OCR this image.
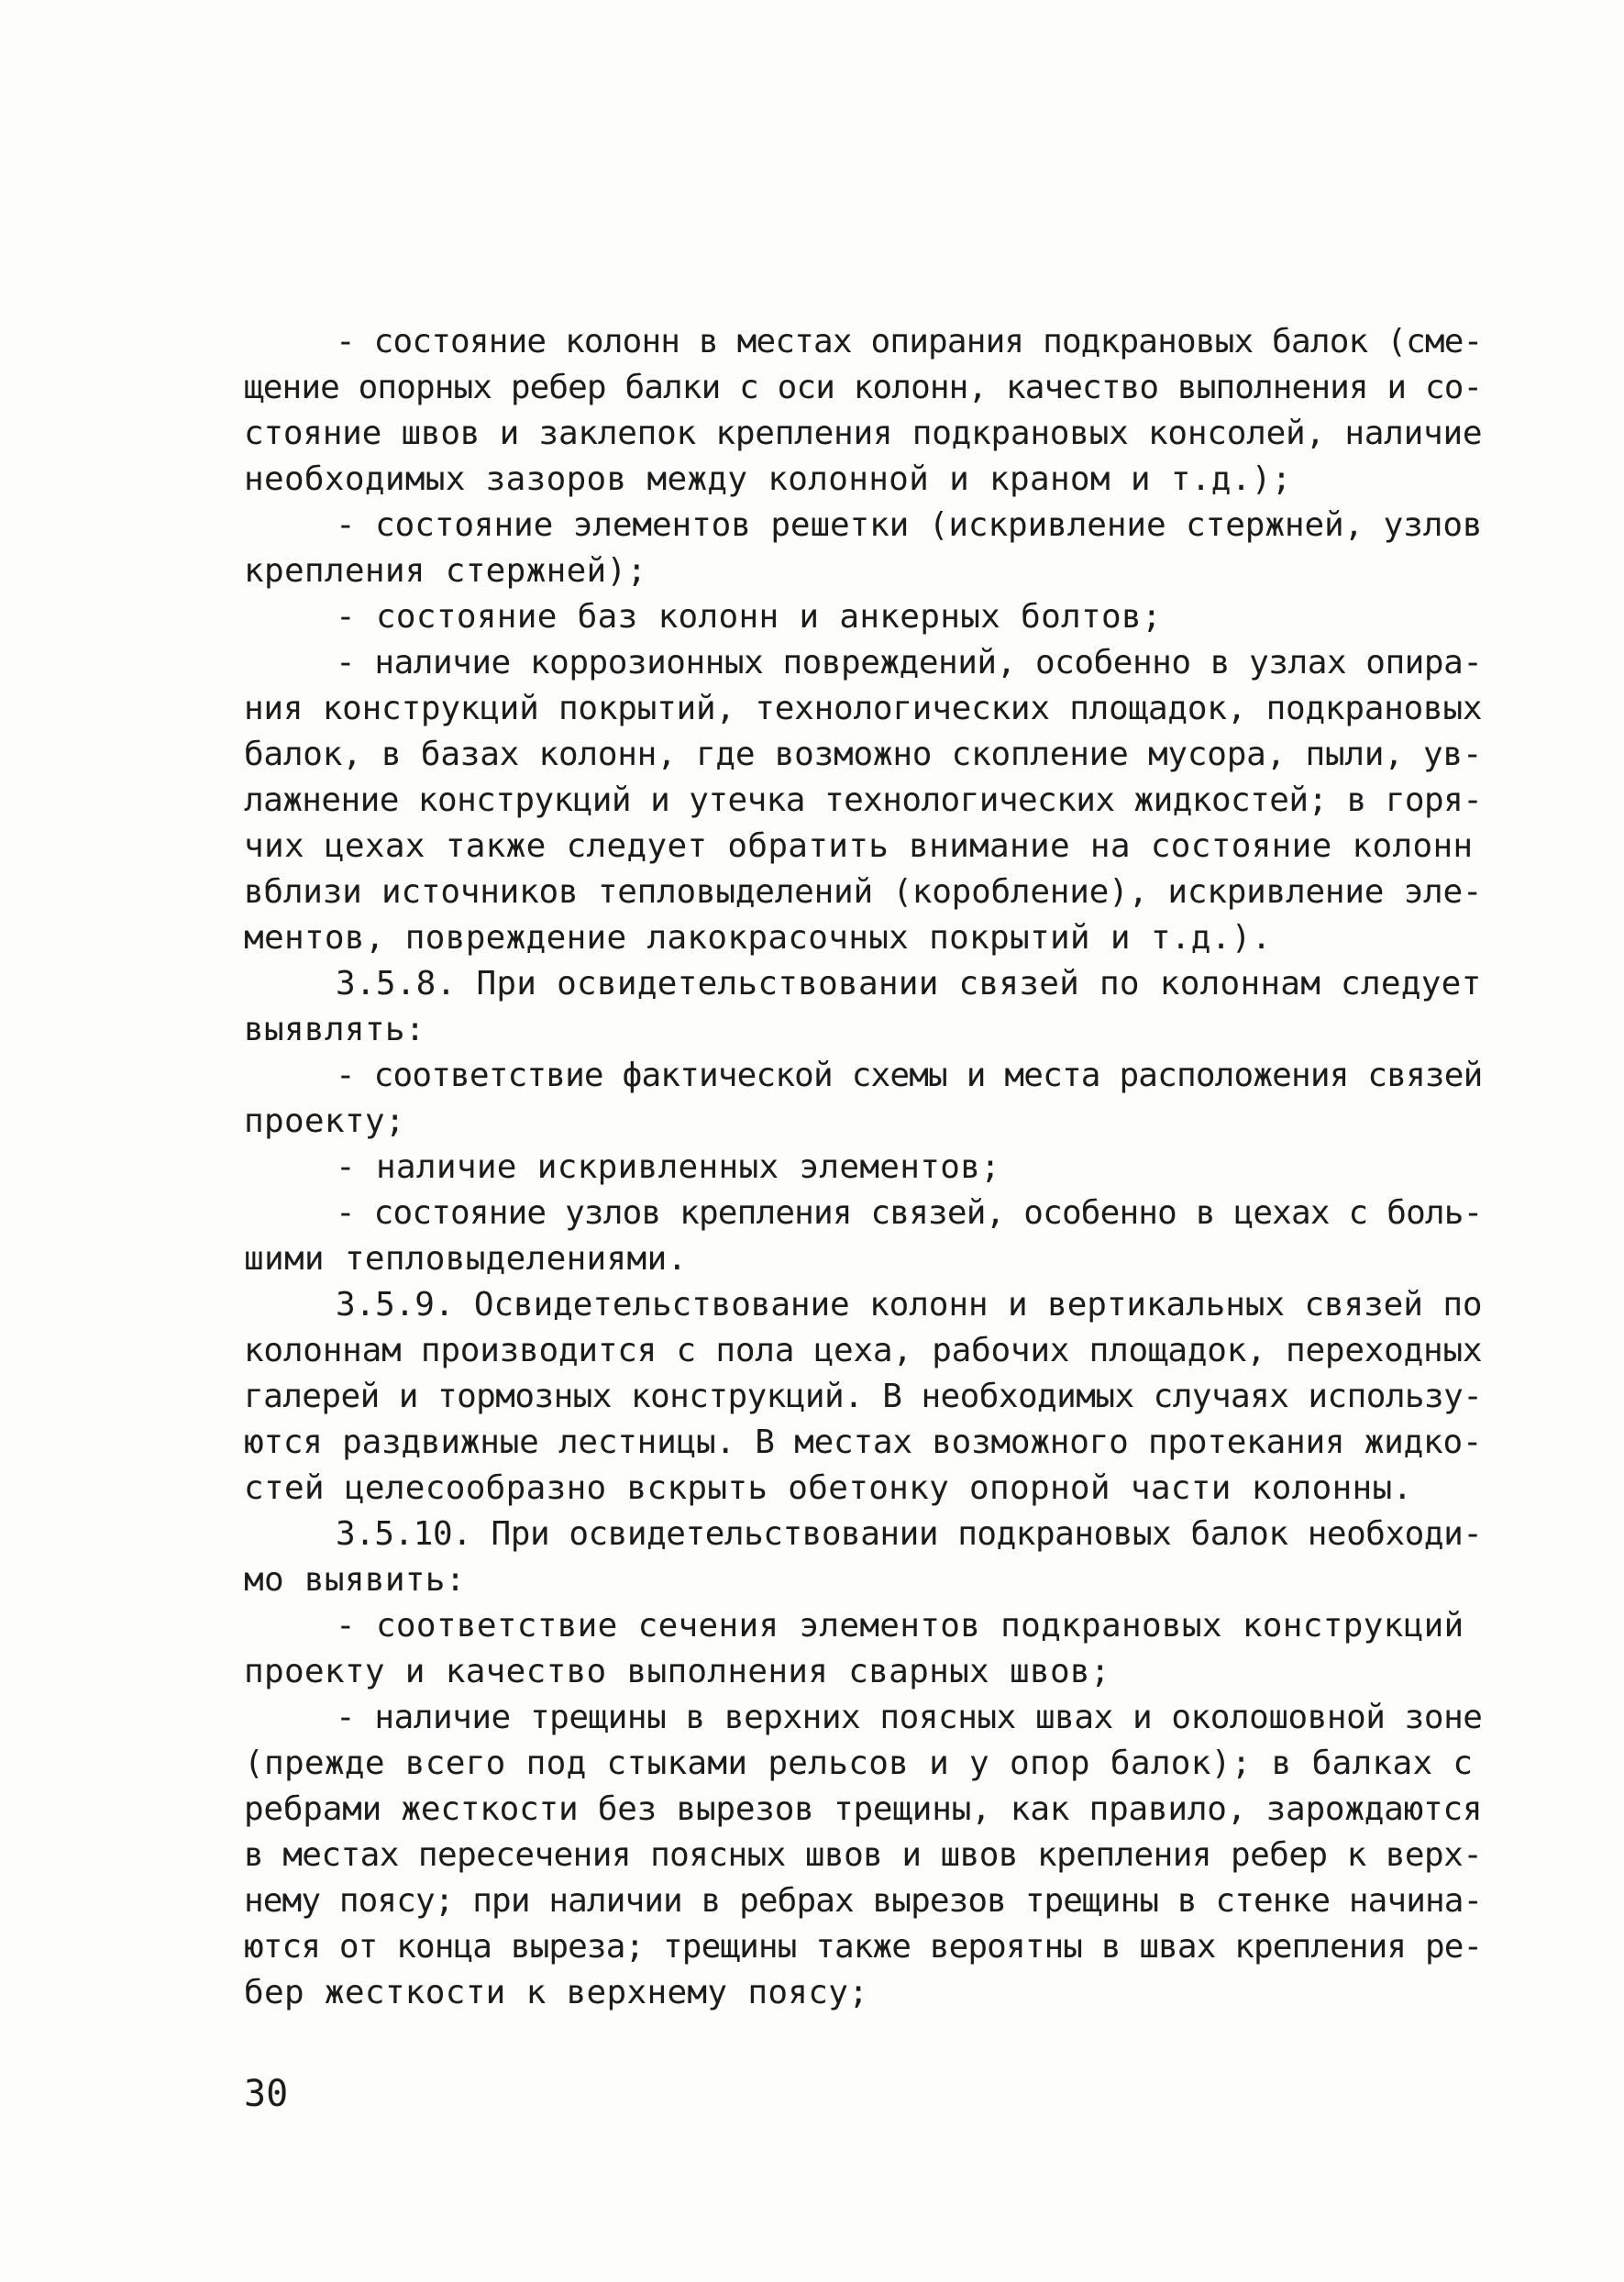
- состояние колонн в местах опирания подкрановых балок (сме-
щение опорных ребер балки с оси колонн, качество выполнения и со-
стояние швов и заклепок крепления подкрановых консолей, наличие
необходимых зазоров между колонной и краном и т.д.);
- состояние элементов решетки (искривление стержней, узлов
крепления стержней);
- состояние баз колонн и анкерных болтов;
- наличие коррозионных повреждений, особенно в узлах опира-
ния конструкций покрытий, технологических площадок, подкрановых
балок, в базах колонн, где возможно скопление мусора, пыли, ув-
лажнение конструкций и утечка технологических жидкостей; в горя-
чих цехах также следует обратить внимание на состояние колонн
вблизи источников тепловыделений (коробление), искривление эле-
ментов, повреждение лакокрасочных покрытий и т.д.).
3.5.8. При освидетельствовании связей по колоннам следует
выявлять:
- соответствие фактической схемы и места расположения связей
проекту;
- наличие искривленных элементов;
- состояние узлов крепления связей, особенно в цехах с боль-
шими тепловыделениями.
3.5.9. Освидетельствование колонн и вертикальных связей по
колоннам производится с пола цеха, рабочих площадок, переходных
галерей и тормозных конструкций. В необходимых случаях использу-
ются раздвижные лестницы. В местах возможного протекания жидко-
стей целесообразно вскрыть обетонку опорной части колонны.
3.5.10. При освидетельствовании подкрановых балок необходи-
мо выявить:
- соответствие сечения элементов подкрановых конструкций
проекту и качество выполнения сварных швов;
- наличие трещины в верхних поясных швах и околошовной зоне
(прежде всего под стыками рельсов и у опор балок); в балках с
ребрами жесткости без вырезов трещины, как правило, зарождаются
в местах пересечения поясных швов и швов крепления ребер к верх-
нему поясу; при наличии в ребрах вырезов трещины в стенке начина-
ются от конца выреза; трещины также вероятны в швах крепления ре-
бер жесткости к верхнему поясу;
30
